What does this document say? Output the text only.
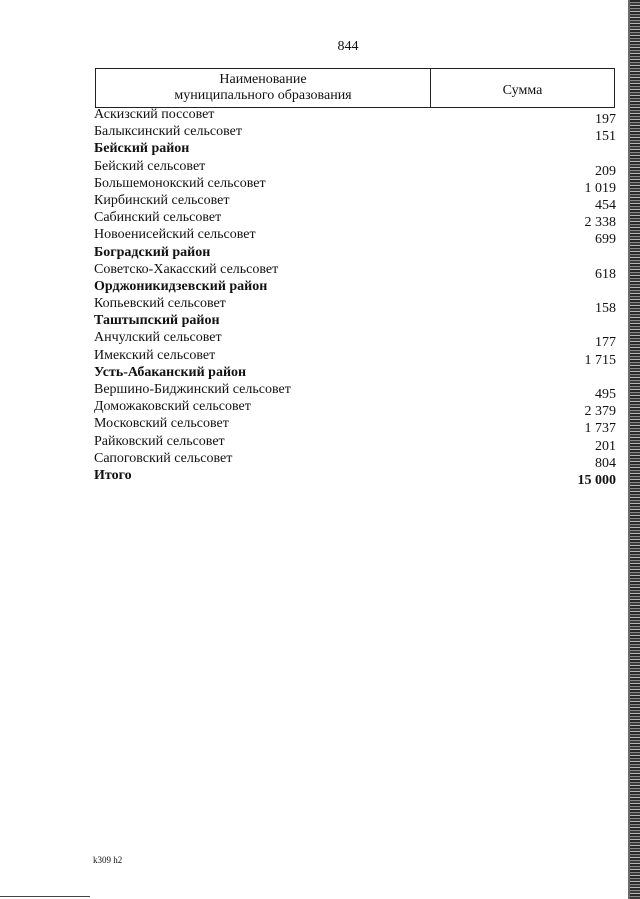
844
Наименование
муниципального образования	Сумма
Аскизский поссовет	197
Балыксинский сельсовет	151
Бейский район
Бейский сельсовет	209
Большемонокский сельсовет	1 019
Кирбинский сельсовет	454
Сабинский сельсовет	2 338
Новоенисейский сельсовет	699
Боградский район
Советско-Хакасский сельсовет	618
Орджоникидзевский район
Копьевский сельсовет	158
Таштыпский район
Анчулский сельсовет	177
Имекский сельсовет	1 715
Усть-Абаканский район
Вершино-Биджинский сельсовет	495
Доможаковский сельсовет	2 379
Московский сельсовет	1 737
Райковский сельсовет	201
Сапоговский сельсовет	804
Итого	15 000
k309 h2
